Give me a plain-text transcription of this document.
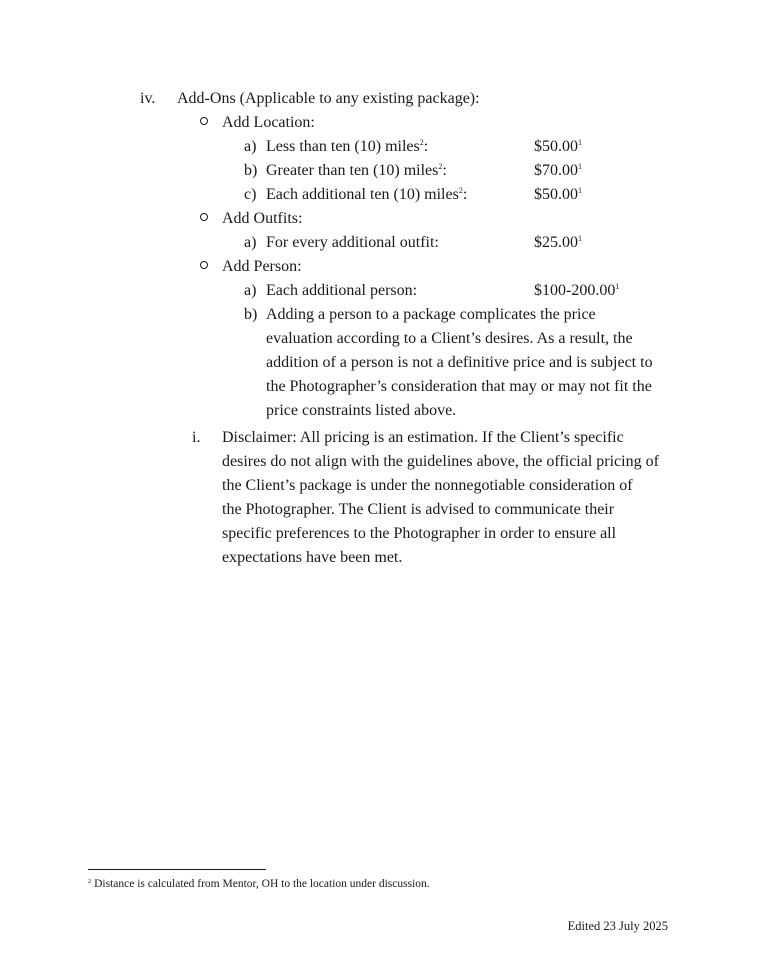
iv. Add-Ons (Applicable to any existing package):
Add Location:
a) Less than ten (10) miles$^2$:	$50.00$^1$
b) Greater than ten (10) miles$^2$:	$70.00$^1$
c) Each additional ten (10) miles$^2$:	$50.00$^1$
Add Outfits:
a) For every additional outfit:	$25.00$^1$
Add Person:
a) Each additional person:	$100-200.00$^1$
b) Adding a person to a package complicates the price
evaluation according to a Client’s desires. As a result, the
addition of a person is not a definitive price and is subject to
the Photographer’s consideration that may or may not fit the
price constraints listed above.
i. Disclaimer: All pricing is an estimation. If the Client’s specific
desires do not align with the guidelines above, the official pricing of
the Client’s package is under the nonnegotiable consideration of
the Photographer. The Client is advised to communicate their
specific preferences to the Photographer in order to ensure all
expectations have been met.
$^2$ Distance is calculated from Mentor, OH to the location under discussion.
Edited 23 July 2025
